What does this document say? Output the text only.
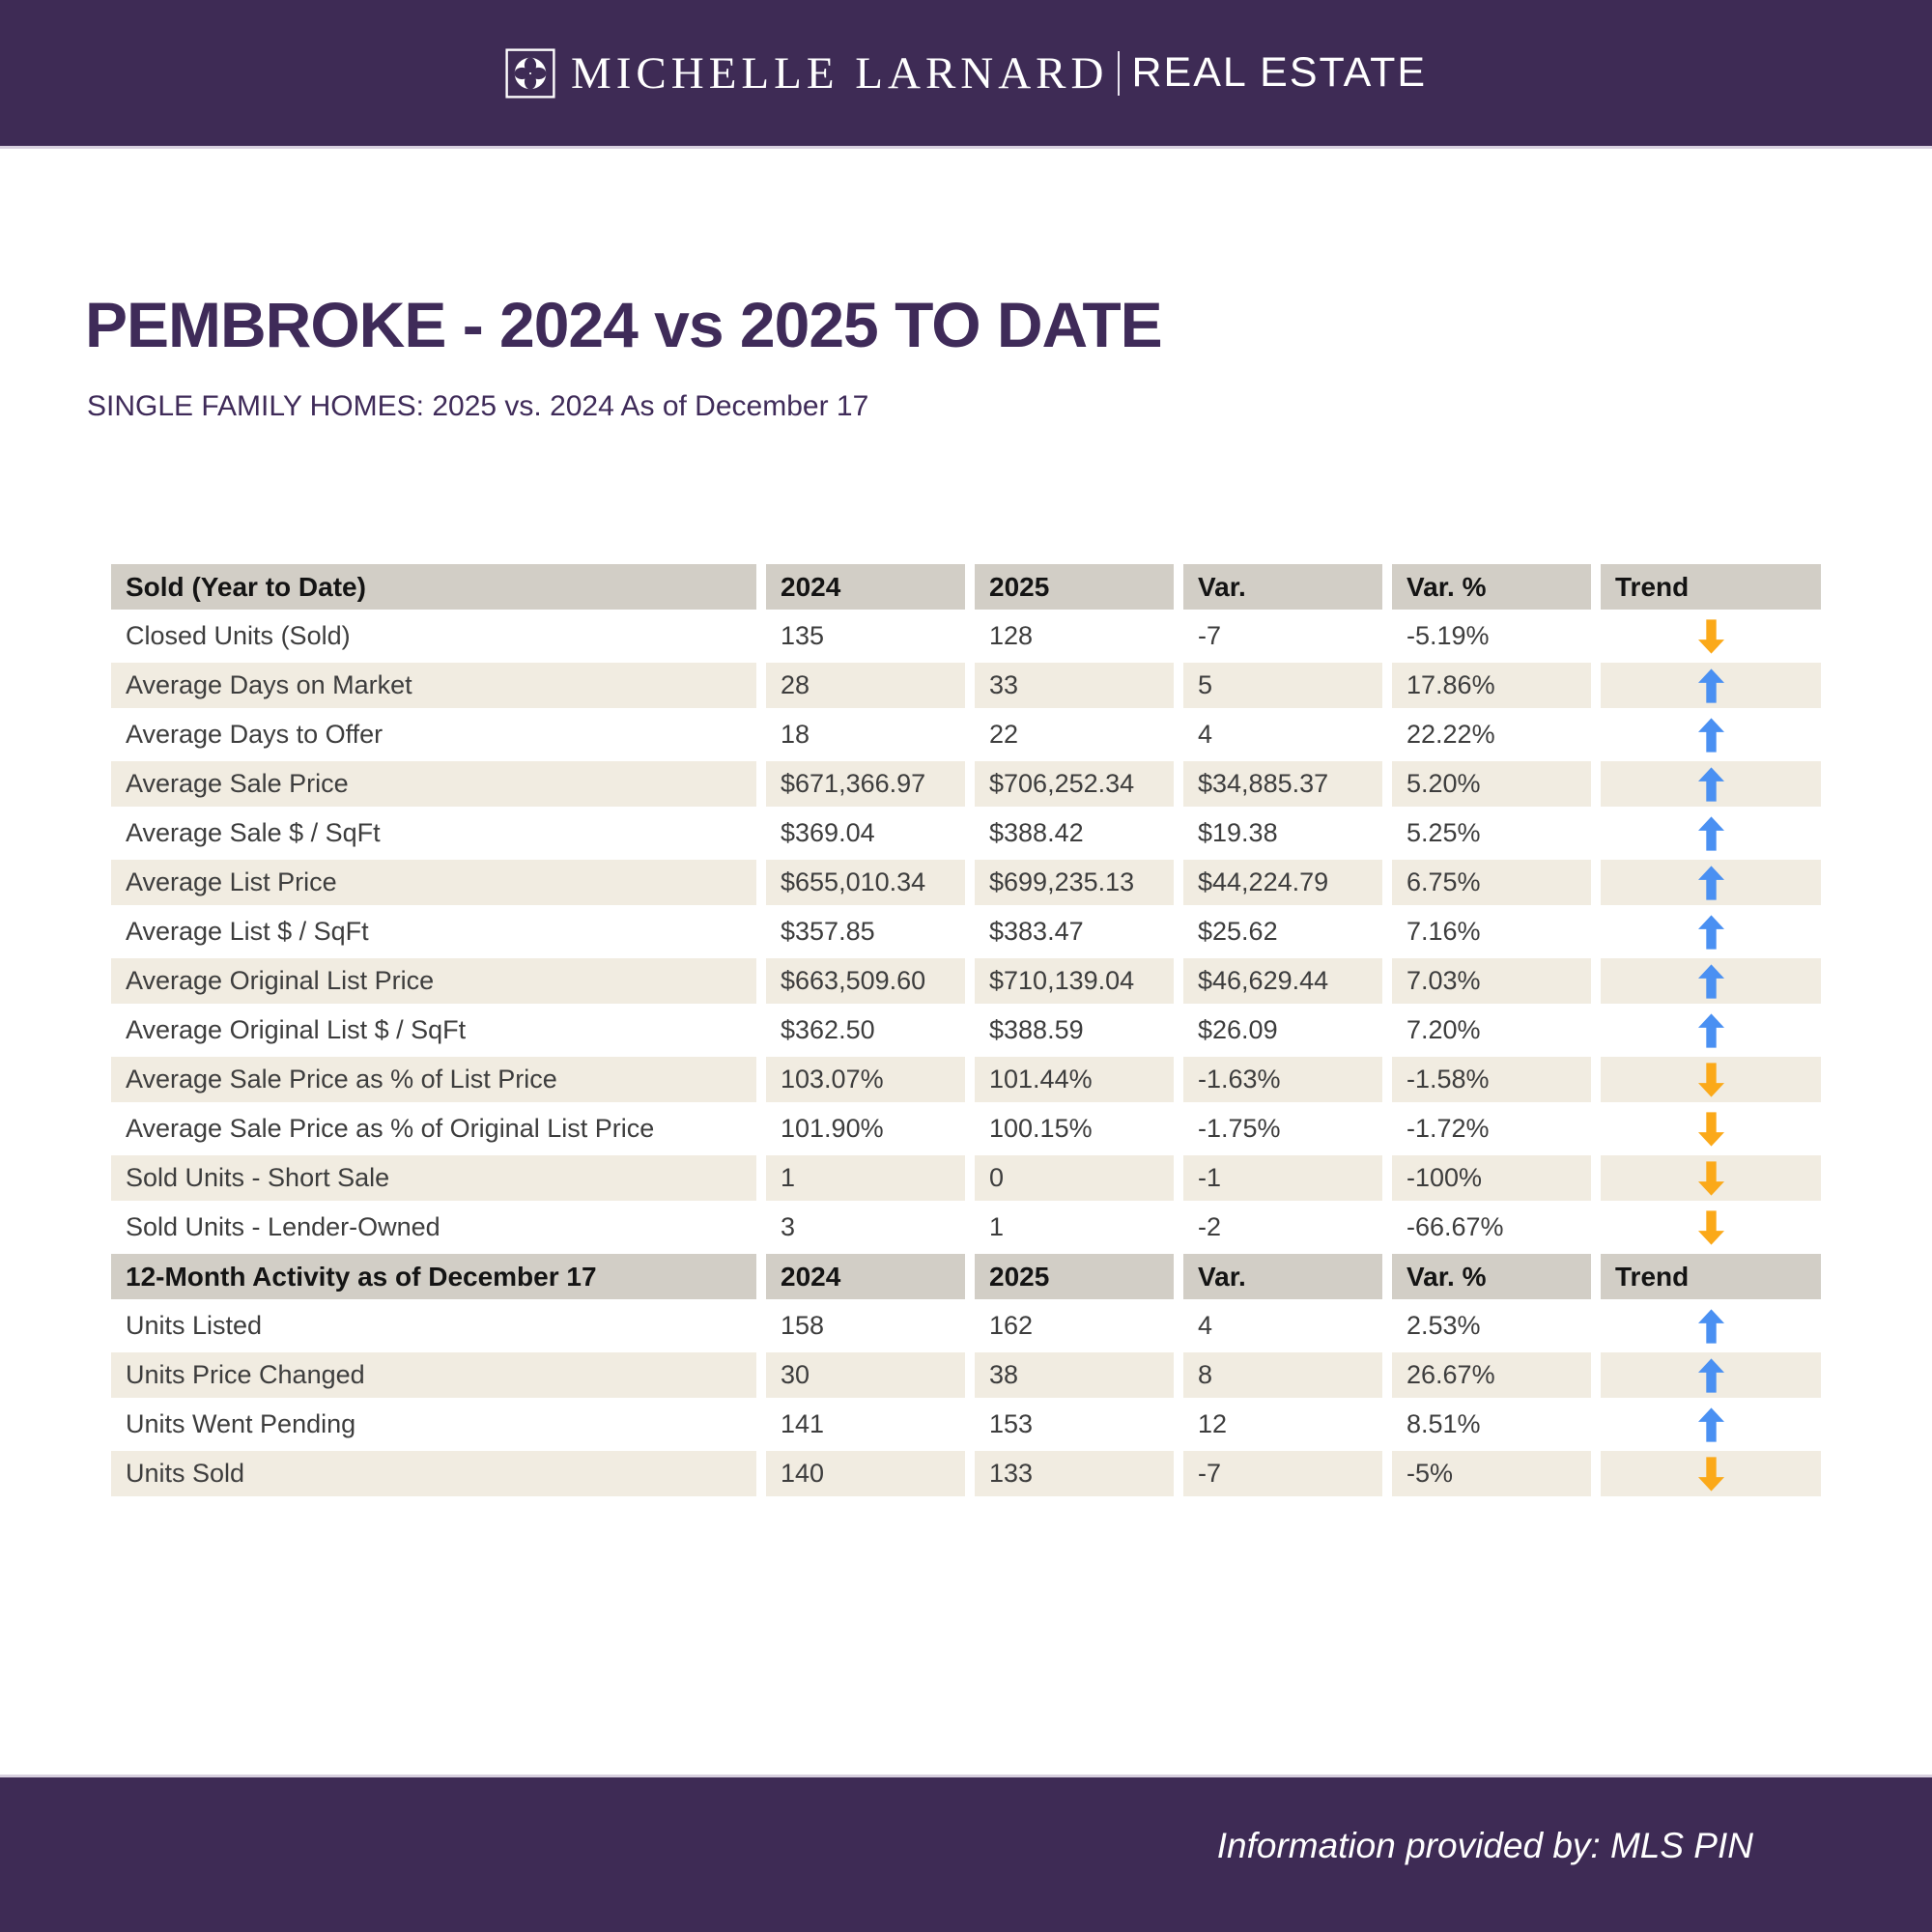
MICHELLE LARNARD REAL ESTATE
PEMBROKE - 2024 vs 2025 TO DATE
SINGLE FAMILY HOMES: 2025 vs. 2024 As of December 17
Sold (Year to Date)	2024	2025	Var.	Var. %	Trend
Closed Units (Sold)	135	128	-7	-5.19%
Average Days on Market	28	33	5	17.86%
Average Days to Offer	18	22	4	22.22%
Average Sale Price	$671,366.97	$706,252.34	$34,885.37	5.20%
Average Sale $ / SqFt	$369.04	$388.42	$19.38	5.25%
Average List Price	$655,010.34	$699,235.13	$44,224.79	6.75%
Average List $ / SqFt	$357.85	$383.47	$25.62	7.16%
Average Original List Price	$663,509.60	$710,139.04	$46,629.44	7.03%
Average Original List $ / SqFt	$362.50	$388.59	$26.09	7.20%
Average Sale Price as % of List Price	103.07%	101.44%	-1.63%	-1.58%
Average Sale Price as % of Original List Price	101.90%	100.15%	-1.75%	-1.72%
Sold Units - Short Sale	1	0	-1	-100%
Sold Units - Lender-Owned	3	1	-2	-66.67%
12-Month Activity as of December 17	2024	2025	Var.	Var. %	Trend
Units Listed	158	162	4	2.53%
Units Price Changed	30	38	8	26.67%
Units Went Pending	141	153	12	8.51%
Units Sold	140	133	-7	-5%
Information provided by: MLS PIN
